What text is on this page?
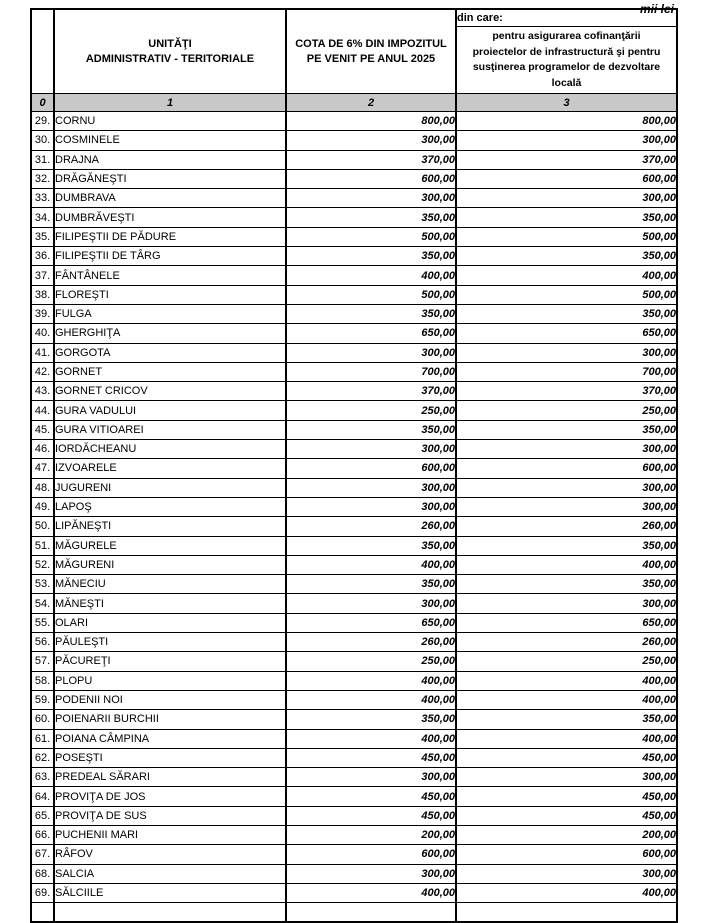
mii lei

UNITĂŢI
ADMINISTRATIV - TERITORIALE

COTA DE 6% DIN IMPOZITUL
PE VENIT PE ANUL 2025
	din care:

			pentru asigurarea cofinanţării
proiectelor de infrastructură şi pentru
susţinerea programelor de dezvoltare
locală

0	1	2	3
29.	CORNU	800,00	800,00
30.	COSMINELE	300,00	300,00
31.	DRAJNA	370,00	370,00
32.	DRĂGĂNEŞTI	600,00	600,00
33.	DUMBRAVA	300,00	300,00
34.	DUMBRĂVEŞTI	350,00	350,00
35.	FILIPEŞTII DE PĂDURE	500,00	500,00
36.	FILIPEŞTII DE TÂRG	350,00	350,00
37.	FÂNTÂNELE	400,00	400,00
38.	FLOREŞTI	500,00	500,00
39.	FULGA	350,00	350,00
40.	GHERGHIŢA	650,00	650,00
41.	GORGOTA	300,00	300,00
42.	GORNET	700,00	700,00
43.	GORNET CRICOV	370,00	370,00
44.	GURA VADULUI	250,00	250,00
45.	GURA VITIOAREI	350,00	350,00
46.	IORDĂCHEANU	300,00	300,00
47.	IZVOARELE	600,00	600,00
48.	JUGURENI	300,00	300,00
49.	LAPOŞ	300,00	300,00
50.	LIPĂNEŞTI	260,00	260,00
51.	MĂGURELE	350,00	350,00
52.	MĂGURENI	400,00	400,00
53.	MĂNECIU	350,00	350,00
54.	MĂNEŞTI	300,00	300,00
55.	OLARI	650,00	650,00
56.	PĂULEŞTI	260,00	260,00
57.	PĂCUREŢI	250,00	250,00
58.	PLOPU	400,00	400,00
59.	PODENII NOI	400,00	400,00
60.	POIENARII BURCHII	350,00	350,00
61.	POIANA CÂMPINA	400,00	400,00
62.	POSEŞTI	450,00	450,00
63.	PREDEAL SĂRARI	300,00	300,00
64.	PROVIŢA DE JOS	450,00	450,00
65.	PROVIŢA DE SUS	450,00	450,00
66.	PUCHENII MARI	200,00	200,00
67.	RÂFOV	600,00	600,00
68.	SALCIA	300,00	300,00
69.	SĂLCIILE	400,00	400,00
